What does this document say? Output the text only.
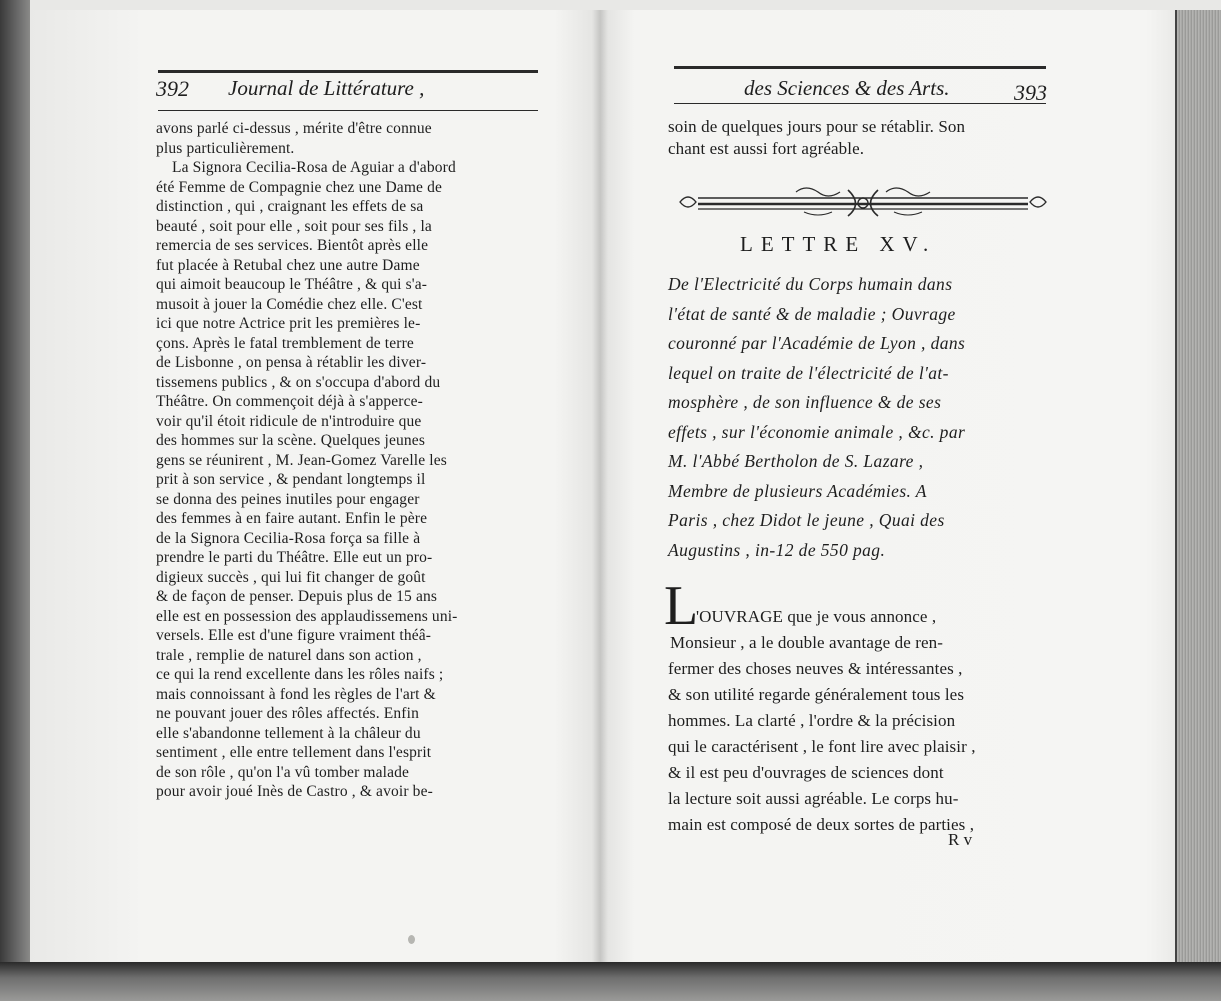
392 Journal de Littérature ,
avons parlé ci-dessus , mérite d'être connue
plus particulièrement.
La Signora Cecilia-Rosa de Aguiar a d'abord
été Femme de Compagnie chez une Dame de
distinction , qui , craignant les effets de sa
beauté , soit pour elle , soit pour ses fils , la
remercia de ses services. Bientôt après elle
fut placée à Retubal chez une autre Dame
qui aimoit beaucoup le Théâtre , & qui s'a-
musoit à jouer la Comédie chez elle. C'est
ici que notre Actrice prit les premières le-
çons. Après le fatal tremblement de terre
de Lisbonne , on pensa à rétablir les diver-
tissemens publics , & on s'occupa d'abord du
Théâtre. On commençoit déjà à s'apperce-
voir qu'il étoit ridicule de n'introduire que
des hommes sur la scène. Quelques jeunes
gens se réunirent , M. Jean-Gomez Varelle les
prit à son service , & pendant longtemps il
se donna des peines inutiles pour engager
des femmes à en faire autant. Enfin le père
de la Signora Cecilia-Rosa força sa fille à
prendre le parti du Théâtre. Elle eut un pro-
digieux succès , qui lui fit changer de goût
& de façon de penser. Depuis plus de 15 ans
elle est en possession des applaudissemens uni-
versels. Elle est d'une figure vraiment théâ-
trale , remplie de naturel dans son action ,
ce qui la rend excellente dans les rôles naifs ;
mais connoissant à fond les règles de l'art &
ne pouvant jouer des rôles affectés. Enfin
elle s'abandonne tellement à la châleur du
sentiment , elle entre tellement dans l'esprit
de son rôle , qu'on l'a vû tomber malade
pour avoir joué Inès de Castro , & avoir be-
des Sciences & des Arts.	393
soin de quelques jours pour se rétablir. Son
chant est aussi fort agréable.
LETTRE XV.
De l'Electricité du Corps humain dans
l'état de santé & de maladie ; Ouvrage
couronné par l'Académie de Lyon , dans
lequel on traite de l'électricité de l'at-
mosphère , de son influence & de ses
effets , sur l'économie animale , &c. par
M. l'Abbé Bertholon de S. Lazare ,
Membre de plusieurs Académies. A
Paris , chez Didot le jeune , Quai des
Augustins , in-12 de 550 pag.
L
'OUVRAGE que je vous annonce ,
Monsieur , a le double avantage de ren-
fermer des choses neuves & intéressantes ,
& son utilité regarde généralement tous les
hommes. La clarté , l'ordre & la précision
qui le caractérisent , le font lire avec plaisir ,
& il est peu d'ouvrages de sciences dont
la lecture soit aussi agréable. Le corps hu-
main est composé de deux sortes de parties ,
R v
